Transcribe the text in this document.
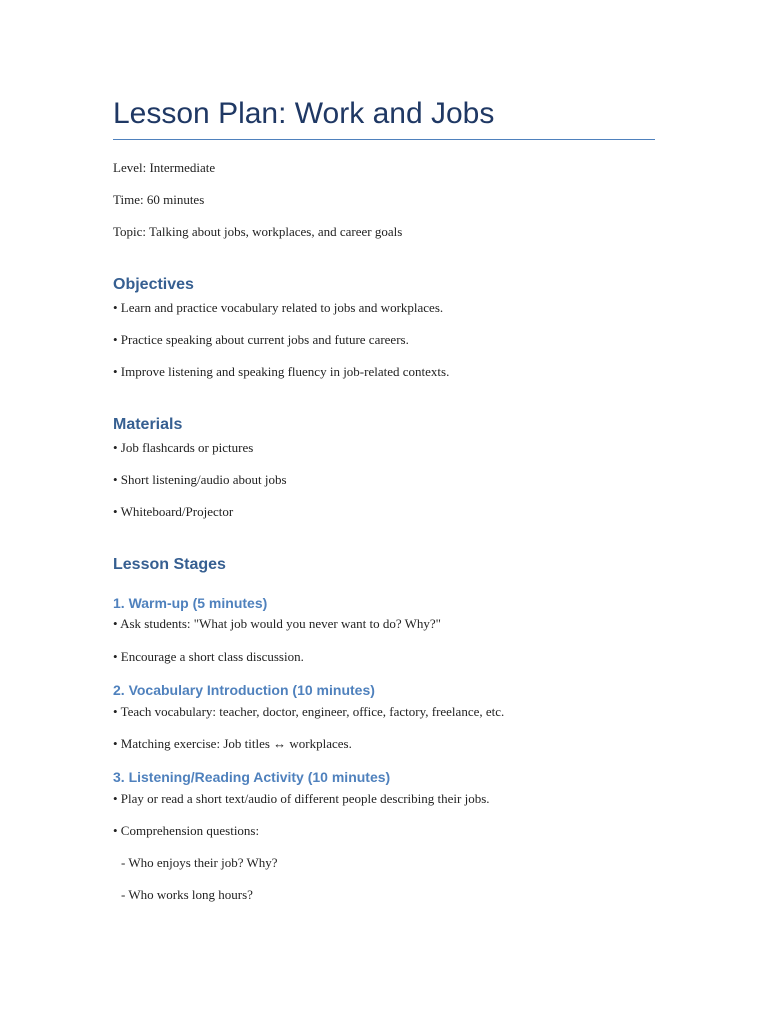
Lesson Plan: Work and Jobs
Level: Intermediate
Time: 60 minutes
Topic: Talking about jobs, workplaces, and career goals
Objectives
• Learn and practice vocabulary related to jobs and workplaces.
• Practice speaking about current jobs and future careers.
• Improve listening and speaking fluency in job-related contexts.
Materials
• Job flashcards or pictures
• Short listening/audio about jobs
• Whiteboard/Projector
Lesson Stages
1. Warm-up (5 minutes)
• Ask students: "What job would you never want to do? Why?"
• Encourage a short class discussion.
2. Vocabulary Introduction (10 minutes)
• Teach vocabulary: teacher, doctor, engineer, office, factory, freelance, etc.
• Matching exercise: Job titles ↔ workplaces.
3. Listening/Reading Activity (10 minutes)
• Play or read a short text/audio of different people describing their jobs.
• Comprehension questions:
- Who enjoys their job? Why?
- Who works long hours?
